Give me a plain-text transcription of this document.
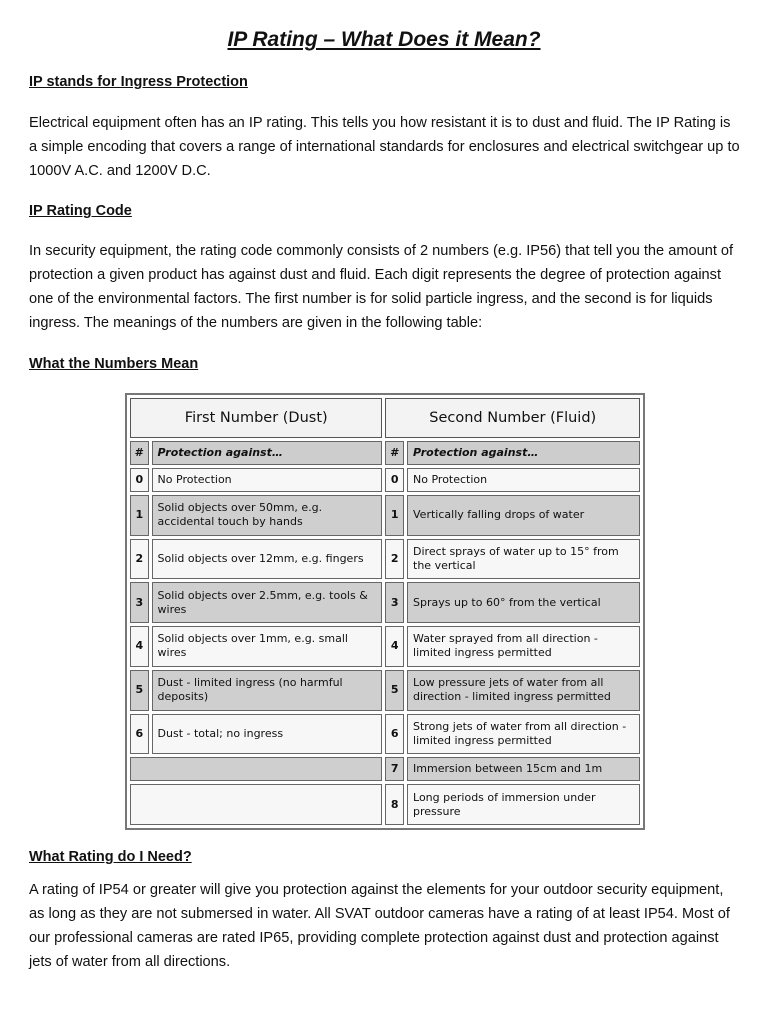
IP Rating – What Does it Mean?
IP stands for Ingress Protection
Electrical equipment often has an IP rating. This tells you how resistant it is to dust and fluid. The IP Rating is a simple encoding that covers a range of international standards for enclosures and electrical switchgear up to 1000V A.C. and 1200V D.C.
IP Rating Code
In security equipment, the rating code commonly consists of 2 numbers (e.g. IP56) that tell you the amount of protection a given product has against dust and fluid. Each digit represents the degree of protection against one of the environmental factors. The first number is for solid particle ingress, and the second is for liquids ingress. The meanings of the numbers are given in the following table:
What the Numbers Mean
First Number (Dust)		Second Number (Fluid)	
#	Protection against…	#	Protection against…
0	No Protection	0	No Protection
1	Solid objects over 50mm, e.g. accidental touch by hands	1	Vertically falling drops of water
2	Solid objects over 12mm, e.g. fingers	2	Direct sprays of water up to 15° from the vertical
3	Solid objects over 2.5mm, e.g. tools & wires	3	Sprays up to 60° from the vertical
4	Solid objects over 1mm, e.g. small wires	4	Water sprayed from all direction - limited ingress permitted
5	Dust - limited ingress (no harmful deposits)	5	Low pressure jets of water from all direction - limited ingress permitted
6	Dust - total; no ingress	6	Strong jets of water from all direction - limited ingress permitted
		7	Immersion between 15cm and 1m
		8	Long periods of immersion under pressure
What Rating do I Need?
A rating of IP54 or greater will give you protection against the elements for your outdoor security equipment, as long as they are not submersed in water. All SVAT outdoor cameras have a rating of at least IP54. Most of our professional cameras are rated IP65, providing complete protection against dust and protection against jets of water from all directions.
